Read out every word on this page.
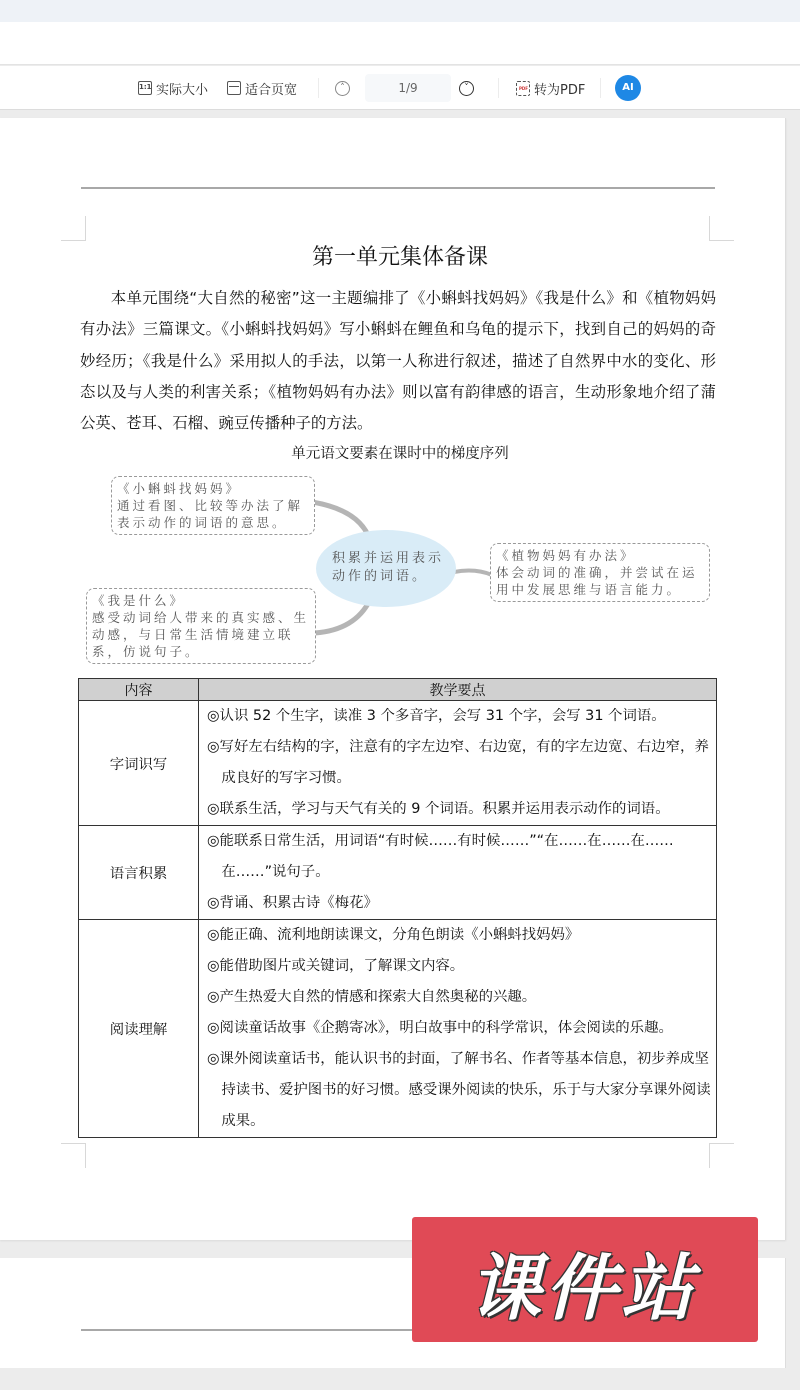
1:1 实际大小	适合页宽	˄	1/9	˅ PDF	转为PDF	AI
第一单元集体备课
本单元围绕“大自然的秘密”这一主题编排了《小蝌蚪找妈妈》《我是什么》和《植物妈妈有办法》三篇课文。《小蝌蚪找妈妈》写小蝌蚪在鲤鱼和乌龟的提示下，找到自己的妈妈的奇妙经历；《我是什么》采用拟人的手法，以第一人称进行叙述，描述了自然界中水的变化、形态以及与人类的利害关系；《植物妈妈有办法》则以富有韵律感的语言，生动形象地介绍了蒲公英、苍耳、石榴、豌豆传播种子的方法。
单元语文要素在课时中的梯度序列
积累并运用表示动作的词语。
《小蝌蚪找妈妈》
通过看图、比较等办法了解表示动作的词语的意思。
《我是什么》
感受动词给人带来的真实感、生动感，与日常生活情境建立联系，仿说句子。
《植物妈妈有办法》
体会动词的准确，并尝试在运用中发展思维与语言能力。
内容	教学要点
字词识写	◎认识 52 个生字，读准 3 个多音字，会写 31 个字，会写 31 个词语。
◎写好左右结构的字，注意有的字左边窄、右边宽，有的字左边宽、右边窄，养成良好的写字习惯。
◎联系生活，学习与天气有关的 9 个词语。积累并运用表示动作的词语。

语言积累	◎能联系日常生活，用词语“有时候……有时候……”“在……在……在……在……”说句子。
◎背诵、积累古诗《梅花》

阅读理解	◎能正确、流利地朗读课文，分角色朗读《小蝌蚪找妈妈》
◎能借助图片或关键词，了解课文内容。
◎产生热爱大自然的情感和探索大自然奥秘的兴趣。
◎阅读童话故事《企鹅寄冰》，明白故事中的科学常识，体会阅读的乐趣。
◎课外阅读童话书，能认识书的封面，了解书名、作者等基本信息，初步养成坚持读书、爱护图书的好习惯。感受课外阅读的快乐，乐于与大家分享课外阅读成果。
课件站
